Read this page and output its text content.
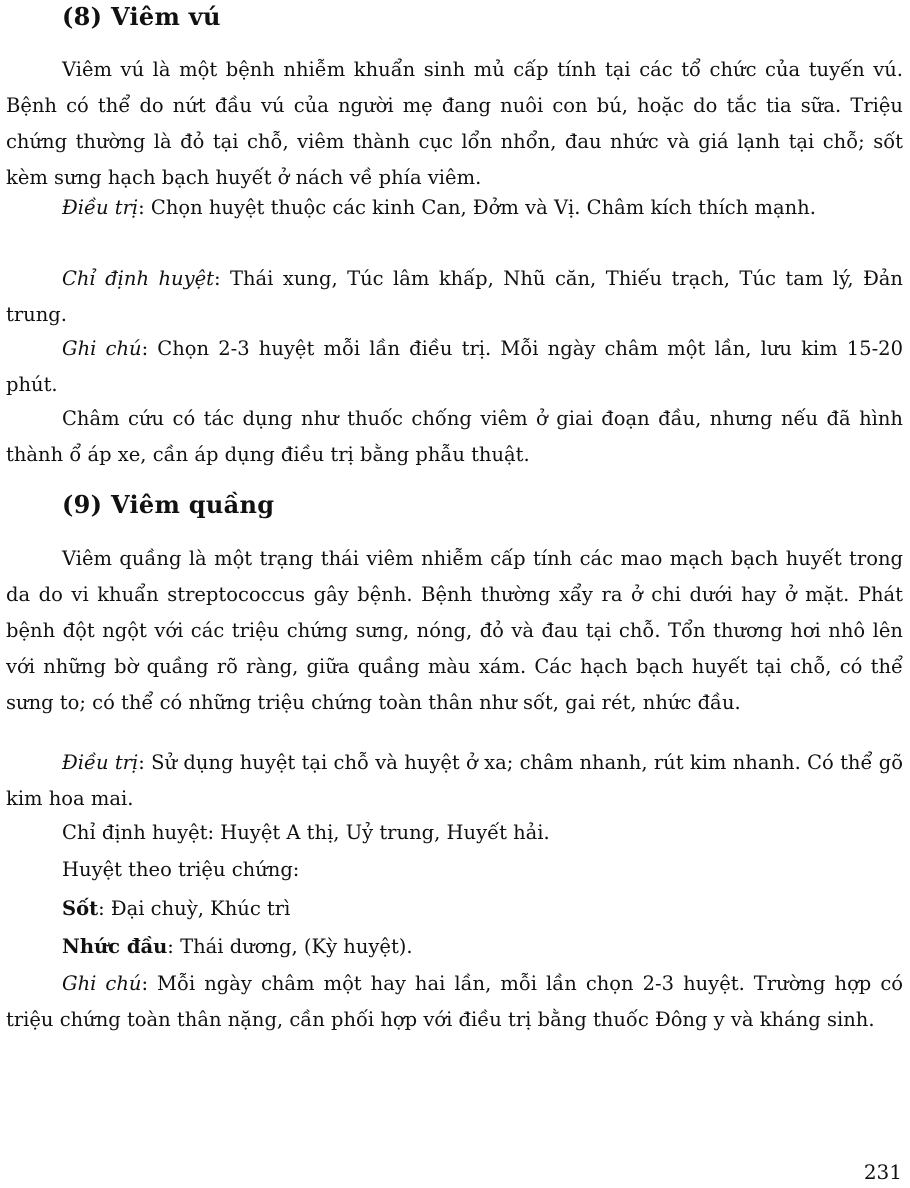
(8) Viêm vú

Viêm vú là một bệnh nhiễm khuẩn sinh mủ cấp tính tại các tổ chức của tuyến vú. Bệnh có thể do nứt đầu vú của người mẹ đang nuôi con bú, hoặc do tắc tia sữa. Triệu chứng thường là đỏ tại chỗ, viêm thành cục lổn nhổn, đau nhức và giá lạnh tại chỗ; sốt kèm sưng hạch bạch huyết ở nách về phía viêm.

Điều trị: Chọn huyệt thuộc các kinh Can, Đởm và Vị. Châm kích thích mạnh.

Chỉ định huyệt: Thái xung, Túc lâm khấp, Nhũ căn, Thiếu trạch, Túc tam lý, Đản trung.

Ghi chú: Chọn 2-3 huyệt mỗi lần điều trị. Mỗi ngày châm một lần, lưu kim 15-20 phút.

Châm cứu có tác dụng như thuốc chống viêm ở giai đoạn đầu, nhưng nếu đã hình thành ổ áp xe, cần áp dụng điều trị bằng phẫu thuật.

(9) Viêm quầng

Viêm quầng là một trạng thái viêm nhiễm cấp tính các mao mạch bạch huyết trong da do vi khuẩn streptococcus gây bệnh. Bệnh thường xẩy ra ở chi dưới hay ở mặt. Phát bệnh đột ngột với các triệu chứng sưng, nóng, đỏ và đau tại chỗ. Tổn thương hơi nhô lên với những bờ quầng rõ ràng, giữa quầng màu xám. Các hạch bạch huyết tại chỗ, có thể sưng to; có thể có những triệu chứng toàn thân như sốt, gai rét, nhức đầu.

Điều trị: Sử dụng huyệt tại chỗ và huyệt ở xa; châm nhanh, rút kim nhanh. Có thể gõ kim hoa mai.

Chỉ định huyệt: Huyệt A thị, Uỷ trung, Huyết hải.

Huyệt theo triệu chứng:

Sốt: Đại chuỳ, Khúc trì

Nhức đầu: Thái dương, (Kỳ huyệt).

Ghi chú: Mỗi ngày châm một hay hai lần, mỗi lần chọn 2-3 huyệt. Trường hợp có triệu chứng toàn thân nặng, cần phối hợp với điều trị bằng thuốc Đông y và kháng sinh.

231
